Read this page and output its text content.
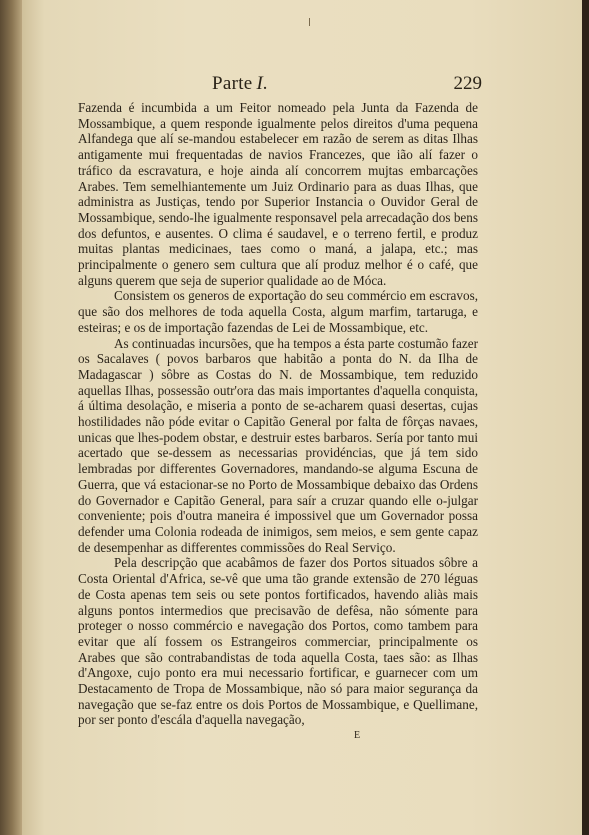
Parte I.	229

Fazenda é incumbida a um Feitor nomeado pela Junta da Fazenda de Mossambique, a quem responde igualmente pelos direitos d'uma pequena Alfandega que alí se-mandou estabelecer em razão de serem as ditas Ilhas antigamente mui frequentadas de navios Francezes, que ião alí fazer o tráfico da escravatura, e hoje ainda alí concorrem mujtas embarcações Arabes. Tem semelhiantemente um Juiz Ordinario para as duas Ilhas, que administra as Justiças, tendo por Superior Instancia o Ouvidor Geral de Mossambique, sendo-lhe igualmente responsavel pela arrecadação dos bens dos defuntos, e ausentes. O clima é saudavel, e o terreno fertil, e produz muitas plantas medicinaes, taes como o maná, a jalapa, etc.; mas principalmente o genero sem cultura que alí produz melhor é o café, que alguns querem que seja de superior qualidade ao de Móca.

Consistem os generos de exportação do seu commércio em escravos, que são dos melhores de toda aquella Costa, algum marfim, tartaruga, e esteiras; e os de importação fazendas de Lei de Mossambique, etc.

As continuadas incursões, que ha tempos a ésta parte costumão fazer os Sacalaves ( povos barbaros que habitão a ponta do N. da Ilha de Madagascar ) sôbre as Costas do N. de Mossambique, tem reduzido aquellas Ilhas, possessão outr'ora das mais importantes d'aquella conquista, á última desolação, e miseria a ponto de se-acharem quasi desertas, cujas hostilidades não póde evitar o Capitão General por falta de fôrças navaes, unicas que lhes-podem obstar, e destruir estes barbaros. Sería por tanto mui acertado que se-dessem as necessarias providéncias, que já tem sido lembradas por differentes Governadores, mandando-se alguma Escuna de Guerra, que vá estacionar-se no Porto de Mossambique debaixo das Ordens do Governador e Capitão General, para saír a cruzar quando elle o-julgar conveniente; pois d'outra maneira é impossivel que um Governador possa defender uma Colonia rodeada de inimigos, sem meios, e sem gente capaz de desempenhar as differentes commissões do Real Serviço.

Pela descripção que acabâmos de fazer dos Portos situados sôbre a Costa Oriental d'Africa, se-vê que uma tão grande extensão de 270 léguas de Costa apenas tem seis ou sete pontos fortificados, havendo aliàs mais alguns pontos intermedios que precisavão de defêsa, não sómente para proteger o nosso commércio e navegação dos Portos, como tambem para evitar que alí fossem os Estrangeiros commerciar, principalmente os Arabes que são contrabandistas de toda aquella Costa, taes são: as Ilhas d'Angoxe, cujo ponto era mui necessario fortificar, e guarnecer com um Destacamento de Tropa de Mossambique, não só para maior segurança da navegação que se-faz entre os dois Portos de Mossambique, e Quellimane, por ser ponto d'escála d'aquella navegação,

E
